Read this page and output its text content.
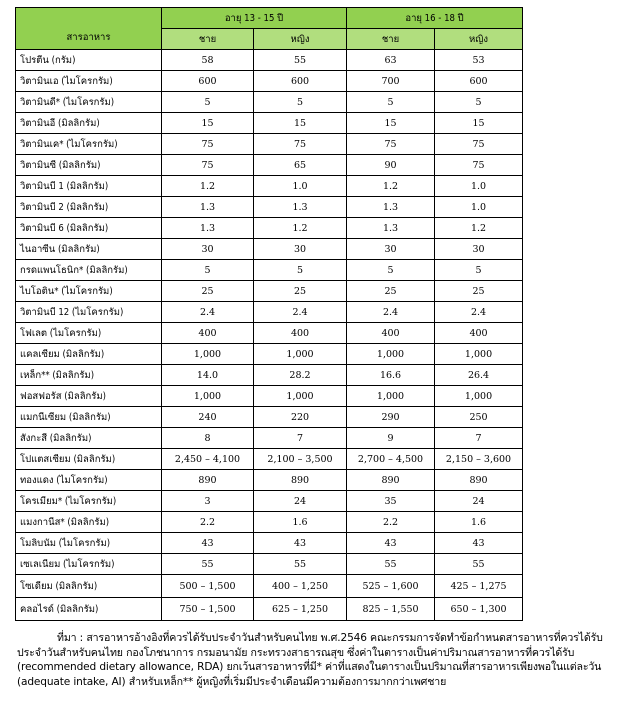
สารอาหาร	อายุ 13 - 15 ปี		อายุ 16 - 18 ปี	
	ชาย	หญิง	ชาย	หญิง
โปรตีน (กรัม)	58	55	63	53
วิตามินเอ (ไมโครกรัม)	600	600	700	600
วิตามินดี* (ไมโครกรัม)	5	5	5	5
วิตามินอี (มิลลิกรัม)	15	15	15	15
วิตามินเค* (ไมโครกรัม)	75	75	75	75
วิตามินซี (มิลลิกรัม)	75	65	90	75
วิตามินบี 1 (มิลลิกรัม)	1.2	1.0	1.2	1.0
วิตามินบี 2 (มิลลิกรัม)	1.3	1.3	1.3	1.0
วิตามินบี 6 (มิลลิกรัม)	1.3	1.2	1.3	1.2
ไนอาซีน (มิลลิกรัม)	30	30	30	30
กรดแพนโธนิก* (มิลลิกรัม)	5	5	5	5
ไบโอติน* (ไมโครกรัม)	25	25	25	25
วิตามินบี 12 (ไมโครกรัม)	2.4	2.4	2.4	2.4
โฟเลต (ไมโครกรัม)	400	400	400	400
แคลเซียม (มิลลิกรัม)	1,000	1,000	1,000	1,000
เหล็ก** (มิลลิกรัม)	14.0	28.2	16.6	26.4
ฟอสฟอรัส (มิลลิกรัม)	1,000	1,000	1,000	1,000
แมกนีเซียม (มิลลิกรัม)	240	220	290	250
สังกะสี (มิลลิกรัม)	8	7	9	7
โปแตสเซียม (มิลลิกรัม)	2,450 – 4,100	2,100 – 3,500	2,700 – 4,500	2,150 – 3,600
ทองแดง (ไมโครกรัม)	890	890	890	890
โครเมียม* (ไมโครกรัม)	3	24	35	24
แมงกานีส* (มิลลิกรัม)	2.2	1.6	2.2	1.6
โมลิบนัม (ไมโครกรัม)	43	43	43	43
เซเลเนียม (ไมโครกรัม)	55	55	55	55
โซเดียม (มิลลิกรัม)	500 – 1,500	400 – 1,250	525 – 1,600	425 – 1,275
คลอไรด์ (มิลลิกรัม)	750 – 1,500	625 – 1,250	825 – 1,550	650 – 1,300

ที่มา : สารอาหารอ้างอิงที่ควรได้รับประจำวันสำหรับคนไทย พ.ศ.2546 คณะกรรมการจัดทำข้อกำหนดสารอาหารที่ควรได้รับ

ประจำวันสำหรับคนไทย กองโภชนาการ กรมอนามัย กระทรวงสาธารณสุข ซึ่งค่าในตารางเป็นค่าปริมาณสารอาหารที่ควรได้รับ

(recommended dietary allowance, RDA) ยกเว้นสารอาหารที่มี* ค่าที่แสดงในตารางเป็นปริมาณที่สารอาหารเพียงพอในแต่ละวัน

(adequate intake, AI) สำหรับเหล็ก** ผู้หญิงที่เริ่มมีประจำเดือนมีความต้องการมากกว่าเพศชาย
